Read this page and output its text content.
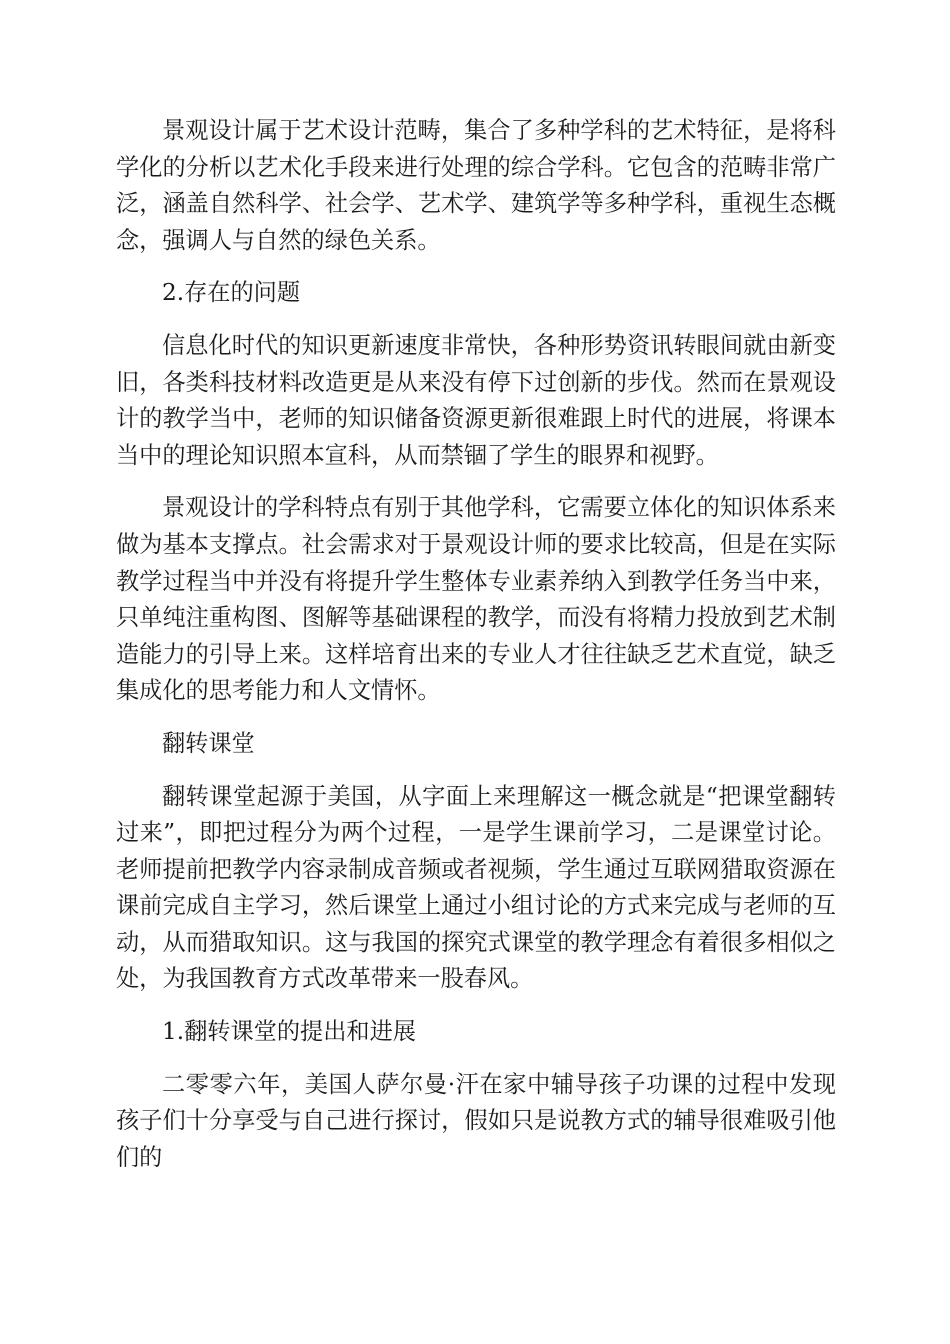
景观设计属于艺术设计范畴，集合了多种学科的艺术特征，是将科学化的分析以艺术化手段来进行处理的综合学科。它包含的范畴非常广泛，涵盖自然科学、社会学、艺术学、建筑学等多种学科，重视生态概念，强调人与自然的绿色关系。

2.存在的问题

信息化时代的知识更新速度非常快，各种形势资讯转眼间就由新变旧，各类科技材料改造更是从来没有停下过创新的步伐。然而在景观设计的教学当中，老师的知识储备资源更新很难跟上时代的进展，将课本当中的理论知识照本宣科，从而禁锢了学生的眼界和视野。

景观设计的学科特点有别于其他学科，它需要立体化的知识体系来做为基本支撑点。社会需求对于景观设计师的要求比较高，但是在实际教学过程当中并没有将提升学生整体专业素养纳入到教学任务当中来，只单纯注重构图、图解等基础课程的教学，而没有将精力投放到艺术制造能力的引导上来。这样培育出来的专业人才往往缺乏艺术直觉，缺乏集成化的思考能力和人文情怀。

翻转课堂

翻转课堂起源于美国，从字面上来理解这一概念就是“把课堂翻转过来”，即把过程分为两个过程，一是学生课前学习，二是课堂讨论。老师提前把教学内容录制成音频或者视频，学生通过互联网猎取资源在课前完成自主学习，然后课堂上通过小组讨论的方式来完成与老师的互动，从而猎取知识。这与我国的探究式课堂的教学理念有着很多相似之处，为我国教育方式改革带来一股春风。

1.翻转课堂的提出和进展

二零零六年，美国人萨尔曼·汗在家中辅导孩子功课的过程中发现孩子们十分享受与自己进行探讨，假如只是说教方式的辅导很难吸引他们的
